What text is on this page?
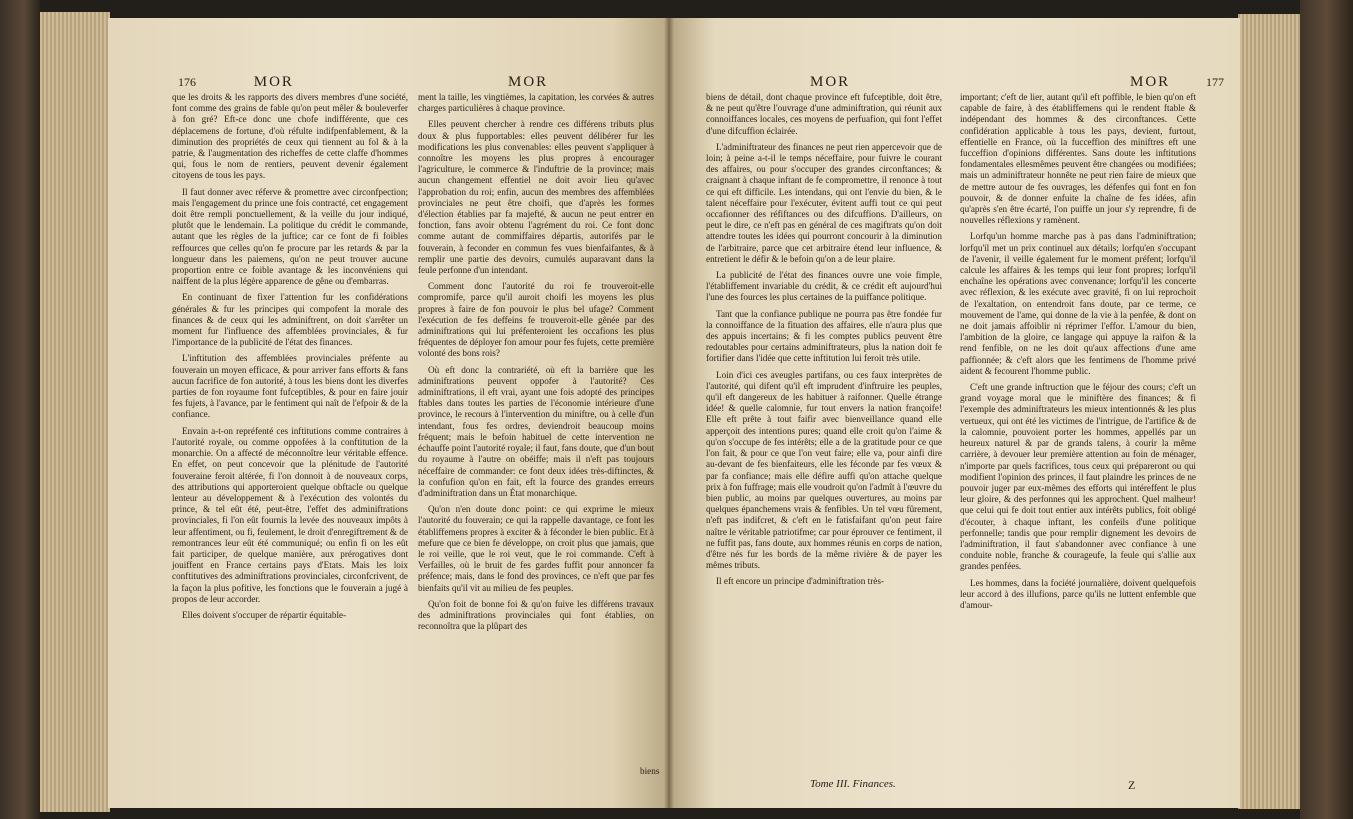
176	MOR	MOR	MOR	MOR	177

que les droits & les rapports des divers membres d'une société, font comme des grains de fable qu'on peut mêler & bouleverfer à fon gré? Eft-ce donc une chofe indifférente, que ces déplacemens de fortune, d'où réfulte indifpenfablement, & la diminution des propriétés de ceux qui tiennent au fol & à la patrie, & l'augmentation des richeffes de cette claffe d'hommes qui, fous le nom de rentiers, peuvent devenir également citoyens de tous les pays.

Il faut donner avec réferve & promettre avec circonfpection; mais l'engagement du prince une fois contracté, cet engagement doit être rempli ponctuellement, & la veille du jour indiqué, plutôt que le lendemain. La politique du crédit le commande, autant que les règles de la juftice; car ce font de fi foibles reffources que celles qu'on fe procure par les retards & par la longueur dans les paiemens, qu'on ne peut trouver aucune proportion entre ce foible avantage & les inconvéniens qui naiffent de la plus légère apparence de gêne ou d'embarras.

En continuant de fixer l'attention fur les confidérations générales & fur les principes qui compofent la morale des finances & de ceux qui les adminiftrent, on doit s'arrêter un moment fur l'influence des affemblées provinciales, & fur l'importance de la publicité de l'état des finances.

L'inftitution des affemblées provinciales préfente au fouverain un moyen efficace, & pour arriver fans efforts & fans aucun facrifice de fon autorité, à tous les biens dont les diverfes parties de fon royaume font fufceptibles, & pour en faire jouir fes fujets, à l'avance, par le fentiment qui naît de l'efpoir & de la confiance.

Envain a-t-on repréfenté ces inftitutions comme contraires à l'autorité royale, ou comme oppofées à la conftitution de la monarchie. On a affecté de méconnoître leur véritable effence. En effet, on peut concevoir que la plénitude de l'autorité fouveraine feroit altérée, fi l'on donnoit à de nouveaux corps, des attributions qui apporteroient quelque obftacle ou quelque lenteur au développement & à l'exécution des volontés du prince, & tel eût été, peut-être, l'effet des adminiftrations provinciales, fi l'on eût fournis la levée des nouveaux impôts à leur affentiment, ou fi, feulement, le droit d'enregiftrement & de remontrances leur eût été communiqué; ou enfin fi on les eût fait participer, de quelque manière, aux prérogatives dont jouiffent en France certains pays d'Etats. Mais les loix conftitutives des adminiftrations provinciales, circonfcrivent, de la façon la plus pofitive, les fonctions que le fouverain a jugé à propos de leur accorder.

Elles doivent s'occuper de répartir équitable-

ment la taille, les vingtièmes, la capitation, les corvées & autres charges particulières à chaque province.

Elles peuvent chercher à rendre ces différens tributs plus doux & plus fupportables: elles peuvent délibérer fur les modifications les plus convenables: elles peuvent s'appliquer à connoître les moyens les plus propres à encourager l'agriculture, le commerce & l'induftrie de la province; mais aucun changement effentiel ne doit avoir lieu qu'avec l'approbation du roi; enfin, aucun des membres des affemblées provinciales ne peut être choifi, que d'après les formes d'élection établies par fa majefté, & aucun ne peut entrer en fonction, fans avoir obtenu l'agrément du roi. Ce font donc comme autant de commiffaires départis, autorifés par le fouverain, à feconder en commun fes vues bienfaifantes, & à remplir une partie des devoirs, cumulés auparavant dans la feule perfonne d'un intendant.

Comment donc l'autorité du roi fe trouveroit-elle compromife, parce qu'il auroit choifi les moyens les plus propres à faire de fon pouvoir le plus bel ufage? Comment l'exécution de fes deffeins fe trouveroit-elle gênée par des adminiftrations qui lui préfenteroient les occafions les plus fréquentes de déployer fon amour pour fes fujets, cette première volonté des bons rois?

Où eft donc la contrariété, où eft la barrière que les adminiftrations peuvent oppofer à l'autorité? Ces adminiftrations, il eft vrai, ayant une fois adopté des principes ftables dans toutes les parties de l'économie intérieure d'une province, le recours à l'intervention du miniftre, ou à celle d'un intendant, fous fes ordres, deviendroit beaucoup moins fréquent; mais le befoin habituel de cette intervention ne échauffe point l'autorité royale; il faut, fans doute, que d'un bout du royaume à l'autre on obéiffe; mais il n'eft pas toujours néceffaire de commander: ce font deux idées très-diftinctes, & la confufion qu'on en fait, eft la fource des grandes erreurs d'adminiftration dans un État monarchique.

Qu'on n'en doute donc point: ce qui exprime le mieux l'autorité du fouverain; ce qui la rappelle davantage, ce font les établiffemens propres à exciter & à féconder le bien public. Et à mefure que ce bien fe développe, on croit plus que jamais, que le roi veille, que le roi veut, que le roi commande. C'eft à Verfailles, où le bruit de fes gardes fuffit pour annoncer fa préfence; mais, dans le fond des provinces, ce n'eft que par fes bienfaits qu'il vit au milieu de fes peuples.

Qu'on foit de bonne foi & qu'on fuive les différens travaux des adminiftrations provinciales qui font établies, on reconnoîtra que la plûpart des

biens

biens de détail, dont chaque province eft fufceptible, doit être, & ne peut qu'être l'ouvrage d'une adminiftration, qui réunit aux connoiffances locales, ces moyens de perfuafion, qui font l'effet d'une difcuffion éclairée.

L'adminiftrateur des finances ne peut rien appercevoir que de loin; à peine a-t-il le temps néceffaire, pour fuivre le courant des affaires, ou pour s'occuper des grandes circonftances; & craignant à chaque inftant de fe compromettre, il renonce à tout ce qui eft difficile. Les intendans, qui ont l'envie du bien, & le talent néceffaire pour l'exécuter, évitent auffi tout ce qui peut occafionner des réfiftances ou des difcuffions. D'ailleurs, on peut le dire, ce n'eft pas en général de ces magiftrats qu'on doit attendre toutes les idées qui pourront concourir à la diminution de l'arbitraire, parce que cet arbitraire étend leur influence, & entretient le défir & le befoin qu'on a de leur plaire.

La publicité de l'état des finances ouvre une voie fimple, l'établiffement invariable du crédit, & ce crédit eft aujourd'hui l'une des fources les plus certaines de la puiffance politique.

Tant que la confiance publique ne pourra pas être fondée fur la connoiffance de la fituation des affaires, elle n'aura plus que des appuis incertains; & fi les comptes publics peuvent être redoutables pour certains adminiftrateurs, plus la nation doit fe fortifier dans l'idée que cette inftitution lui feroit très utile.

Loin d'ici ces aveugles partifans, ou ces faux interprètes de l'autorité, qui difent qu'il eft imprudent d'inftruire les peuples, qu'il eft dangereux de les habituer à raifonner. Quelle étrange idée! & quelle calomnie, fur tout envers la nation françoife! Elle eft prête à tout faifir avec bienveillance quand elle apperçoit des intentions pures; quand elle croit qu'on l'aime & qu'on s'occupe de fes intérêts; elle a de la gratitude pour ce que l'on fait, & pour ce que l'on veut faire; elle va, pour ainfi dire au-devant de fes bienfaiteurs, elle les féconde par fes vœux & par fa confiance; mais elle défire auffi qu'on attache quelque prix à fon fuffrage; mais elle voudroit qu'on l'admît à l'œuvre du bien public, au moins par quelques ouvertures, au moins par quelques épanchemens vrais & fenfibles. Un tel vœu fûrement, n'eft pas indifcret, & c'eft en le fatisfaifant qu'on peut faire naître le véritable patriotifme; car pour éprouver ce fentiment, il ne fuffit pas, fans doute, aux hommes réunis en corps de nation, d'être nés fur les bords de la même rivière & de payer les mêmes tributs.

Il eft encore un principe d'adminiftration très-

important; c'eft de lier, autant qu'il eft poffible, le bien qu'on eft capable de faire, à des établiffemens qui le rendent ftable & indépendant des hommes & des circonftances. Cette confidération applicable à tous les pays, devient, furtout, effentielle en France, où la fucceffion des miniftres eft une fucceffion d'opinions différentes. Sans doute les inftitutions fondamentales ellesmêmes peuvent être changées ou modifiées; mais un adminiftrateur honnête ne peut rien faire de mieux que de mettre autour de fes ouvrages, les défenfes qui font en fon pouvoir, & de donner enfuite la chaîne de fes idées, afin qu'après s'en être écarté, l'on puiffe un jour s'y reprendre, fi de nouvelles réflexions y ramènent.

Lorfqu'un homme marche pas à pas dans l'adminiftration; lorfqu'il met un prix continuel aux détails; lorfqu'en s'occupant de l'avenir, il veille également fur le moment préfent; lorfqu'il calcule les affaires & les temps qui leur font propres; lorfqu'il enchaîne les opérations avec convenance; lorfqu'il les concerte avec réflexion, & les exécute avec gravité, fi on lui reprochoit de l'exaltation, on entendroit fans doute, par ce terme, ce mouvement de l'ame, qui donne de la vie à la penfée, & dont on ne doit jamais affoiblir ni réprimer l'effor. L'amour du bien, l'ambition de la gloire, ce langage qui appuye la raifon & la rend fenfible, on ne les doit qu'aux affections d'une ame paffionnée; & c'eft alors que les fentimens de l'homme privé aident & fecourent l'homme public.

C'eft une grande inftruction que le féjour des cours; c'eft un grand voyage moral que le miniftère des finances; & fi l'exemple des adminiftrateurs les mieux intentionnés & les plus vertueux, qui ont été les victimes de l'intrigue, de l'artifice & de la calomnie, pouvoient porter les hommes, appellés par un heureux naturel & par de grands talens, à courir la même carrière, à devouer leur première attention au foin de ménager, n'importe par quels facrifices, tous ceux qui prépareront ou qui modifient l'opinion des princes, il faut plaindre les princes de ne pouvoir juger par eux-mêmes des efforts qui intéreffent le plus leur gloire, & des perfonnes qui les approchent. Quel malheur! que celui qui fe doit tout entier aux intérêts publics, foit obligé d'écouter, à chaque inftant, les confeils d'une politique perfonnelle; tandis que pour remplir dignement les devoirs de l'adminiftration, il faut s'abandonner avec confiance à une conduite noble, franche & courageufe, la feule qui s'allie aux grandes penfées.

Les hommes, dans la fociété journalière, doivent quelquefois leur accord à des illufions, parce qu'ils ne luttent enfemble que d'amour-

Tome III. Finances.	Z
